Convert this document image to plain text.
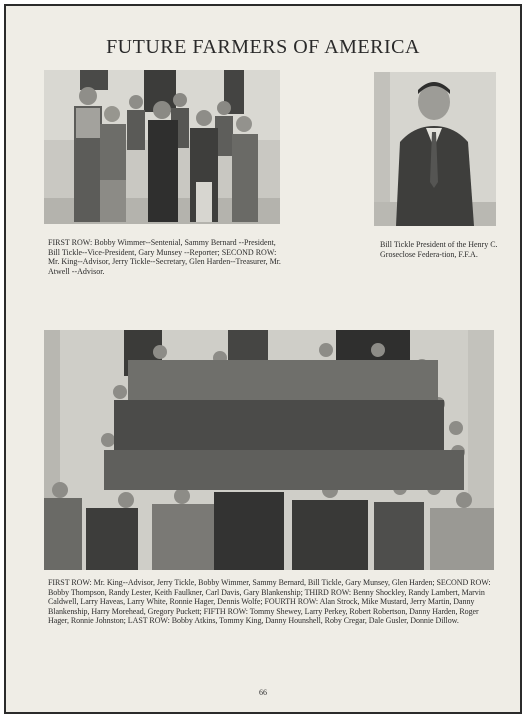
FUTURE FARMERS OF AMERICA
FIRST ROW: Bobby Wimmer--Sentenial, Sammy Bernard --President, Bill Tickle--Vice-President, Gary Munsey --Reporter; SECOND ROW: Mr. King--Advisor, Jerry Tickle--Secretary, Glen Harden--Treasurer, Mr. Atwell --Advisor.
Bill Tickle President of the Henry C. Groseclose Federa-tion, F.F.A.
FIRST ROW: Mr. King--Advisor, Jerry Tickle, Bobby Wimmer, Sammy Bernard, Bill Tickle, Gary Munsey, Glen Harden; SECOND ROW: Bobby Thompson, Randy Lester, Keith Faulkner, Carl Davis, Gary Blankenship; THIRD ROW: Benny Shockley, Randy Lambert, Marvin Caldwell, Larry Haveas, Larry White, Ronnie Hager, Dennis Wolfe; FOURTH ROW: Alan Strock, Mike Mustard, Jerry Martin, Danny Blankenship, Harry Morehead, Gregory Puckett; FIFTH ROW: Tommy Shewey, Larry Perkey, Robert Robertson, Danny Harden, Roger Hager, Ronnie Johnston; LAST ROW: Bobby Atkins, Tommy King, Danny Hounshell, Roby Cregar, Dale Gusler, Donnie Dillow.
66
